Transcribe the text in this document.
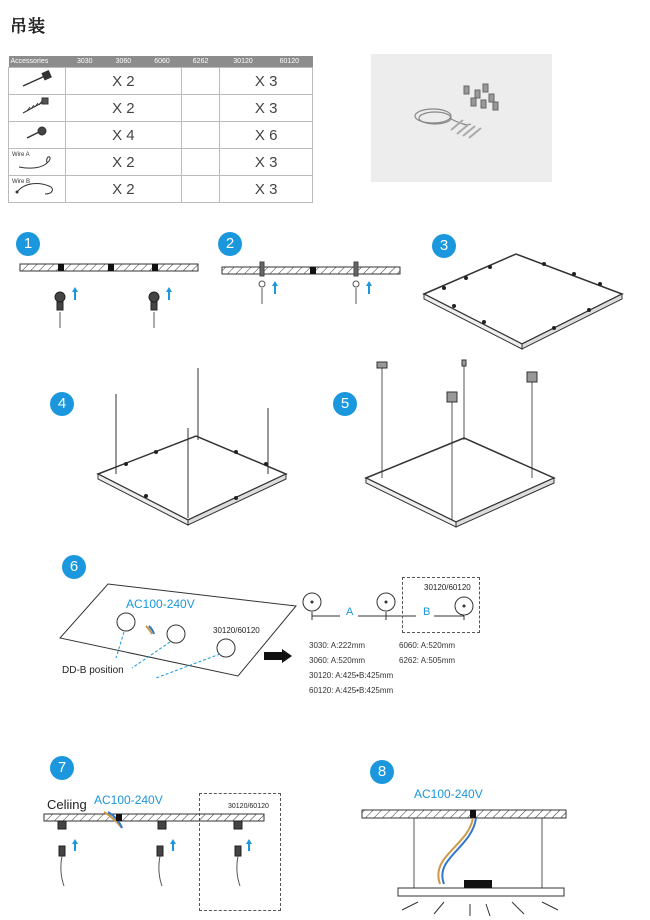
吊装
Accessories	3030	3060	6060	6262	30120	60120
	X 2				X 3	
	X 2				X 3	
	X 4				X 6	

Wire A	X 2				X 3	

Wire B	X 2				X 3	
1	2	3
4	5
6
AC100-240V
30120/60120
DD-B position
A	B
30120/60120
3030: A:222mm
3060: A:520mm
30120: A:425•B:425mm
60120: A:425•B:425mm
6060: A:520mm
6262: A:505mm
7
Celiing AC100-240V	30120/60120
8
AC100-240V
